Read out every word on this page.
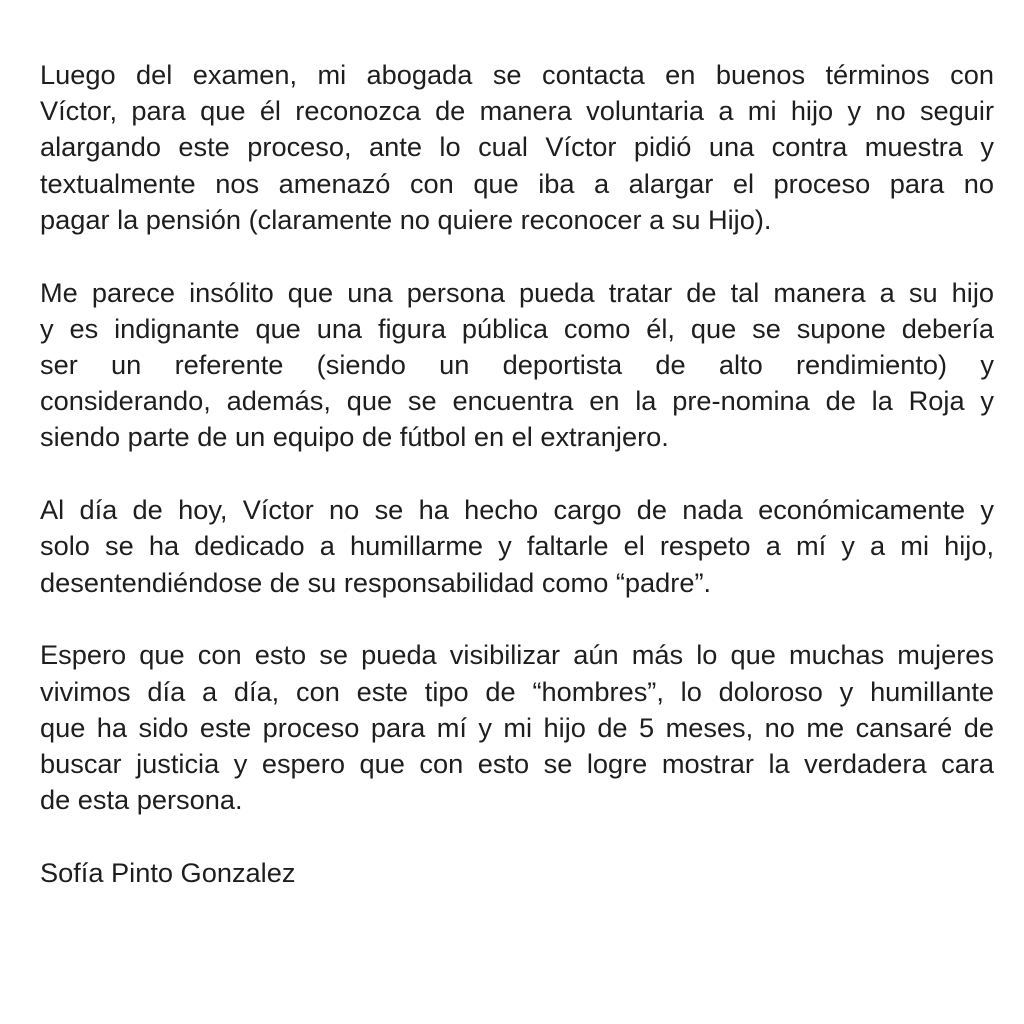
Luego del examen, mi abogada se contacta en buenos términos con
Víctor, para que él reconozca de manera voluntaria a mi hijo y no seguir
alargando este proceso, ante lo cual Víctor pidió una contra muestra y
textualmente nos amenazó con que iba a alargar el proceso para no
pagar la pensión (claramente no quiere reconocer a su Hijo).

Me parece insólito que una persona pueda tratar de tal manera a su hijo
y es indignante que una figura pública como él, que se supone debería
ser un referente (siendo un deportista de alto rendimiento) y
considerando, además, que se encuentra en la pre-nomina de la Roja y
siendo parte de un equipo de fútbol en el extranjero.

Al día de hoy, Víctor no se ha hecho cargo de nada económicamente y
solo se ha dedicado a humillarme y faltarle el respeto a mí y a mi hijo,
desentendiéndose de su responsabilidad como “padre”.

Espero que con esto se pueda visibilizar aún más lo que muchas mujeres
vivimos día a día, con este tipo de “hombres”, lo doloroso y humillante
que ha sido este proceso para mí y mi hijo de 5 meses, no me cansaré de
buscar justicia y espero que con esto se logre mostrar la verdadera cara
de esta persona.

Sofía Pinto Gonzalez
